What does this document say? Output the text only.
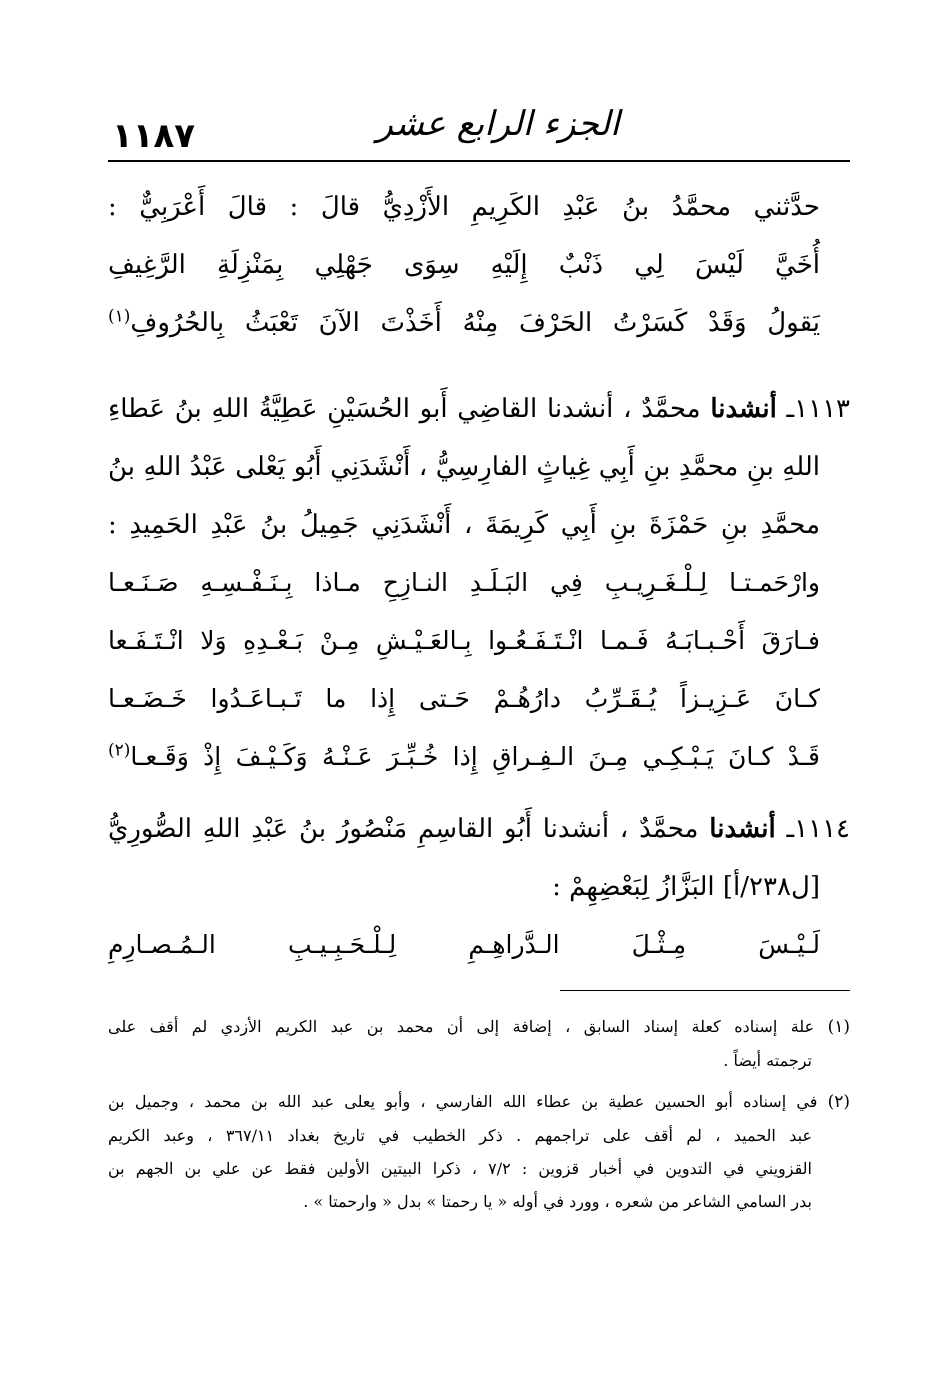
١١٨٧	الجزء الرابع عشر
حدَّثني محمَّدُ بنُ عَبْدِ الكَرِيمِ الأَزْدِيُّ قالَ : قالَ أَعْرَبِيٌّ :
أُخَيَّ لَيْسَ لِي ذَنْبٌ إِلَيْهِ سِوَى جَهْلِي بِمَنْزِلَةِ الرَّغِيفِ
يَقولُ وَقَدْ كَسَرْتُ الحَرْفَ مِنْهُ أَخَذْتَ الآنَ تَعْبَثُ بِالحُرُوفِ$^{(١)}$
١١١٣ـ أنشدنا محمَّدٌ ، أنشدنا القاضِي أَبو الحُسَيْنِ عَطِيَّةُ اللهِ بنُ عَطاءِ
اللهِ بنِ محمَّدِ بنِ أَبِي غِياثٍ الفارِسِيُّ ، أَنْشَدَنِي أَبُو يَعْلى عَبْدُ اللهِ بنُ
محمَّدِ بنِ حَمْزَةَ بنِ أَبِي كَرِيمَةَ ، أَنْشَدَنِي جَمِيلُ بنُ عَبْدِ الحَمِيدِ :
وارْحَمـتـا لِـلْـغَـرِيـبِ فِي البَـلَـدِ النـازِحِ مـاذا بِـنَـفْـسِـهِ صَـنَـعـا
فـارَقَ أَحْـبـابَـهُ فَـمـا انْـتَـفَـعُـوا بِـالعَـيْـشِ مِـنْ بَـعْـدِهِ وَلا انْـتَـفَـعا
كـانَ عَـزِيـزاً يُـقَـرِّبُ دارُهُـمْ حَـتى إِذا ما تَـبـاعَـدُوا خَـضَـعـا
قَـدْ كـانَ يَـبْـكِـي مِـنَ الـفِـراقِ إِذا خُـبِّـرَ عَـنْـهُ وَكَـيْـفَ إِذْ وَقَـعـا$^{(٢)}$
١١١٤ـ أنشدنا محمَّدٌ ، أنشدنا أَبُو القاسِمِ مَنْصُورُ بنُ عَبْدِ اللهِ الصُّورِيُّ
[ل٢٣٨/أ] البَزَّازُ لِبَعْضِهِمْ :
لَـيْـسَ مِـثْـلَ الـدَّراهِـمِ لِـلْـحَـبِـيـبِ الـمُـصـارِمِ
(١) علة إسناده كعلة إسناد السابق ، إضافة إلى أن محمد بن عبد الكريم الأزدي لم أقف على
ترجمته أيضاً .
(٢) في إسناده أبو الحسين عطية بن عطاء الله الفارسي ، وأبو يعلى عبد الله بن محمد ، وجميل بن
عبد الحميد ، لم أقف على تراجمهم . ذكر الخطيب في تاريخ بغداد ٣٦٧/١١ ، وعبد الكريم
القزويني في التدوين في أخبار قزوين : ٧/٢ ، ذكرا البيتين الأولين فقط عن علي بن الجهم بن
بدر السامي الشاعر من شعره ، وورد في أوله « يا رحمتا » بدل « وارحمتا » .
